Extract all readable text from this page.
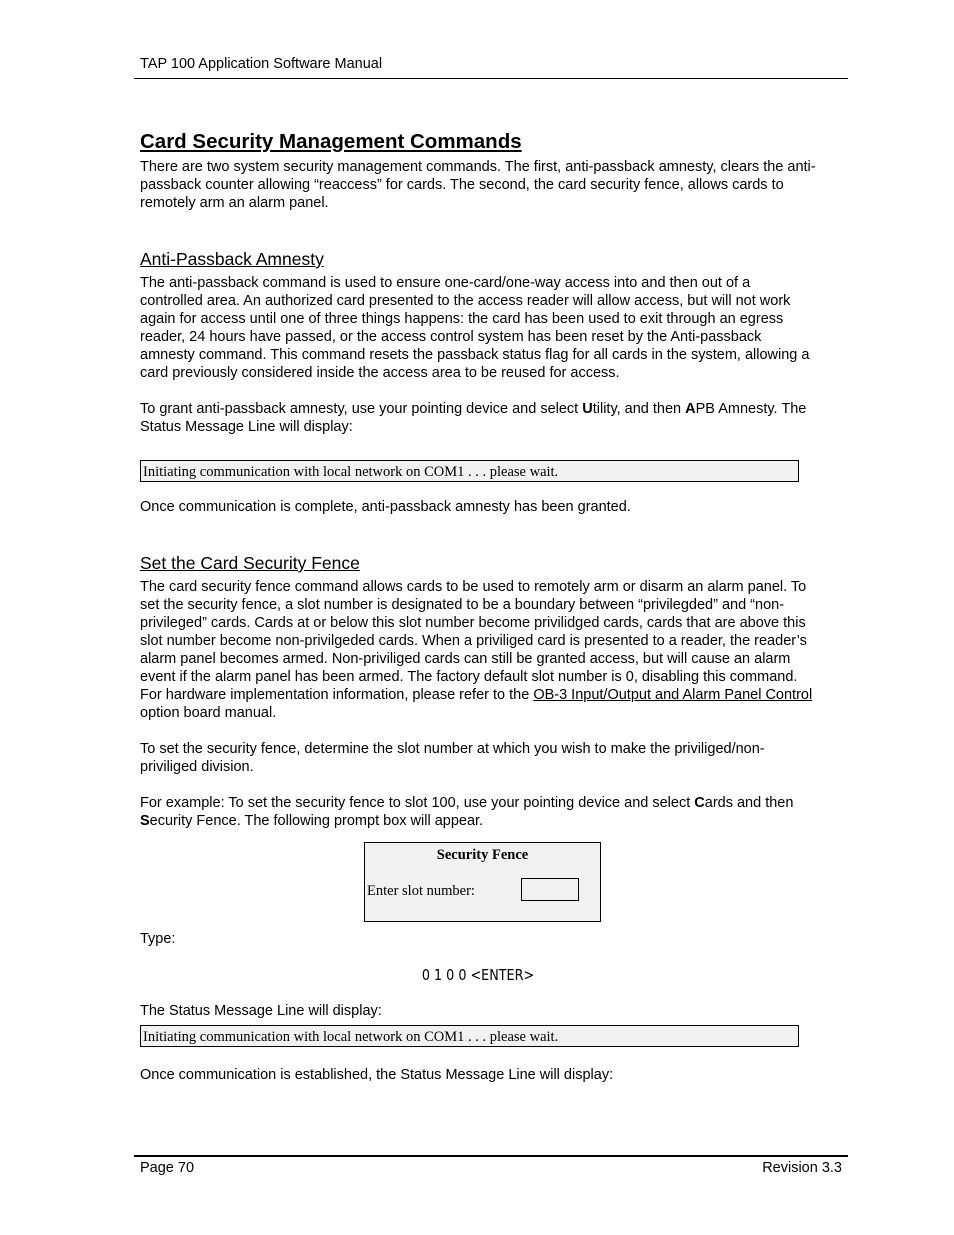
TAP 100 Application Software Manual
Card Security Management Commands

There are two system security management commands. The first, anti-passback amnesty, clears the anti-passback counter allowing “reaccess” for cards. The second, the card security fence, allows cards to remotely arm an alarm panel.

Anti-Passback Amnesty

The anti-passback command is used to ensure one-card/one-way access into and then out of a controlled area. An authorized card presented to the access reader will allow access, but will not work again for access until one of three things happens: the card has been used to exit through an egress reader, 24 hours have passed, or the access control system has been reset by the Anti-passback amnesty command. This command resets the passback status flag for all cards in the system, allowing a card previously considered inside the access area to be reused for access.

To grant anti-passback amnesty, use your pointing device and select Utility, and then APB Amnesty. The Status Message Line will display:

Initiating communication with local network on COM1 . . . please wait.

Once communication is complete, anti-passback amnesty has been granted.

Set the Card Security Fence

The card security fence command allows cards to be used to remotely arm or disarm an alarm panel. To set the security fence, a slot number is designated to be a boundary between “privilegded” and “non-privileged” cards. Cards at or below this slot number become privilidged cards, cards that are above this slot number become non-privilgeded cards. When a priviliged card is presented to a reader, the reader’s alarm panel becomes armed. Non-priviliged cards can still be granted access, but will cause an alarm event if the alarm panel has been armed. The factory default slot number is 0, disabling this command. For hardware implementation information, please refer to the OB-3 Input/Output and Alarm Panel Control option board manual.

To set the security fence, determine the slot number at which you wish to make the priviliged/non-priviliged division.

For example: To set the security fence to slot 100, use your pointing device and select Cards and then Security Fence. The following prompt box will appear.

Security Fence
Enter slot number:

Type:

0 1 0 0 <ENTER>

The Status Message Line will display:

Initiating communication with local network on COM1 . . . please wait.

Once communication is established, the Status Message Line will display:

Page 70	Revision 3.3
